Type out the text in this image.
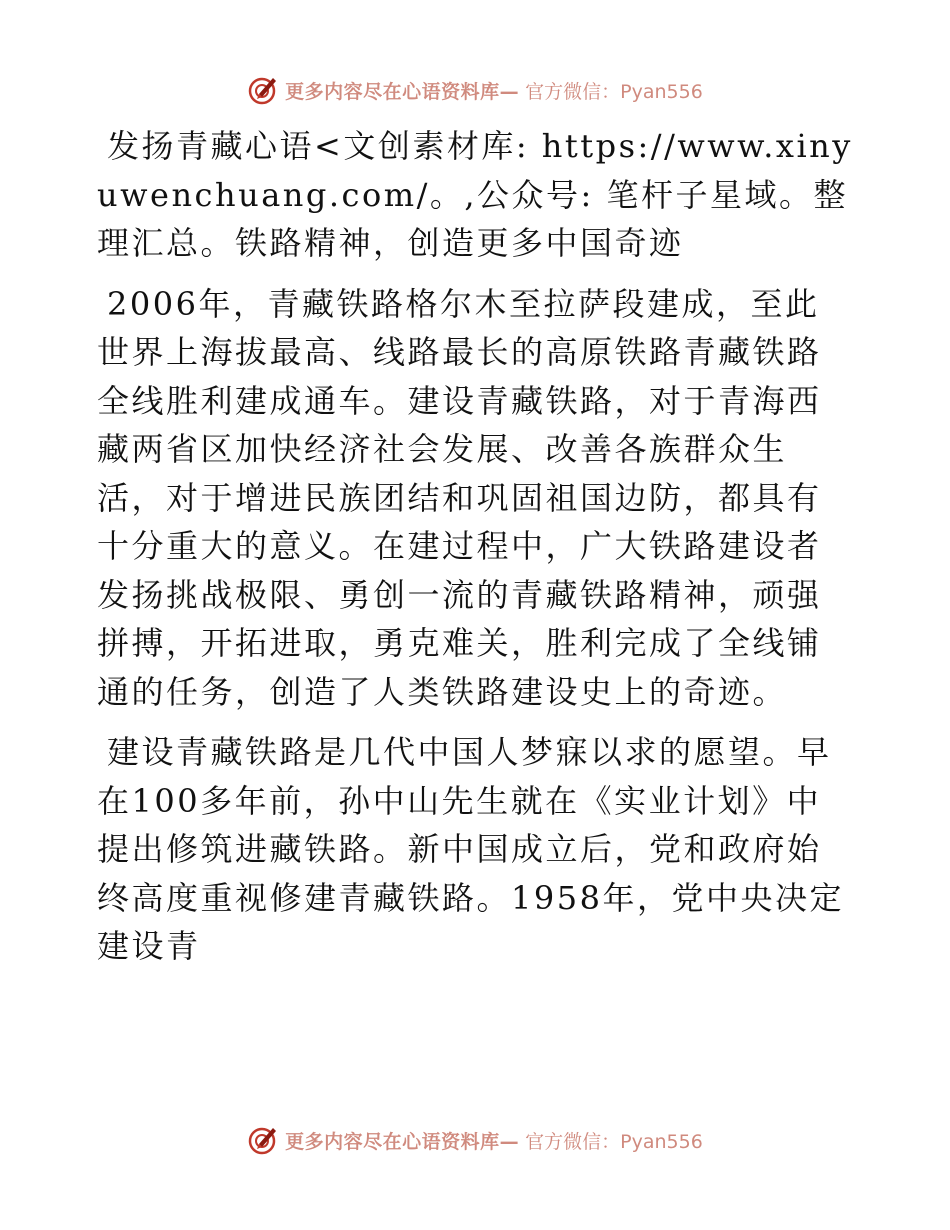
更多内容尽在心语资料库— 官方微信：Pyan556

发扬青藏心语<文创素材库: https://www.xinyuwenchuang.com/。,公众号: 笔杆子星域。整理汇总。铁路精神，创造更多中国奇迹

2006年，青藏铁路格尔木至拉萨段建成，至此世界上海拔最高、线路最长的高原铁路青藏铁路全线胜利建成通车。建设青藏铁路，对于青海西藏两省区加快经济社会发展、改善各族群众生活，对于增进民族团结和巩固祖国边防，都具有十分重大的意义。在建过程中，广大铁路建设者发扬挑战极限、勇创一流的青藏铁路精神，顽强拼搏，开拓进取，勇克难关，胜利完成了全线铺通的任务，创造了人类铁路建设史上的奇迹。

建设青藏铁路是几代中国人梦寐以求的愿望。早在100多年前，孙中山先生就在《实业计划》中提出修筑进藏铁路。新中国成立后，党和政府始终高度重视修建青藏铁路。1958年，党中央决定建设青

更多内容尽在心语资料库— 官方微信：Pyan556
